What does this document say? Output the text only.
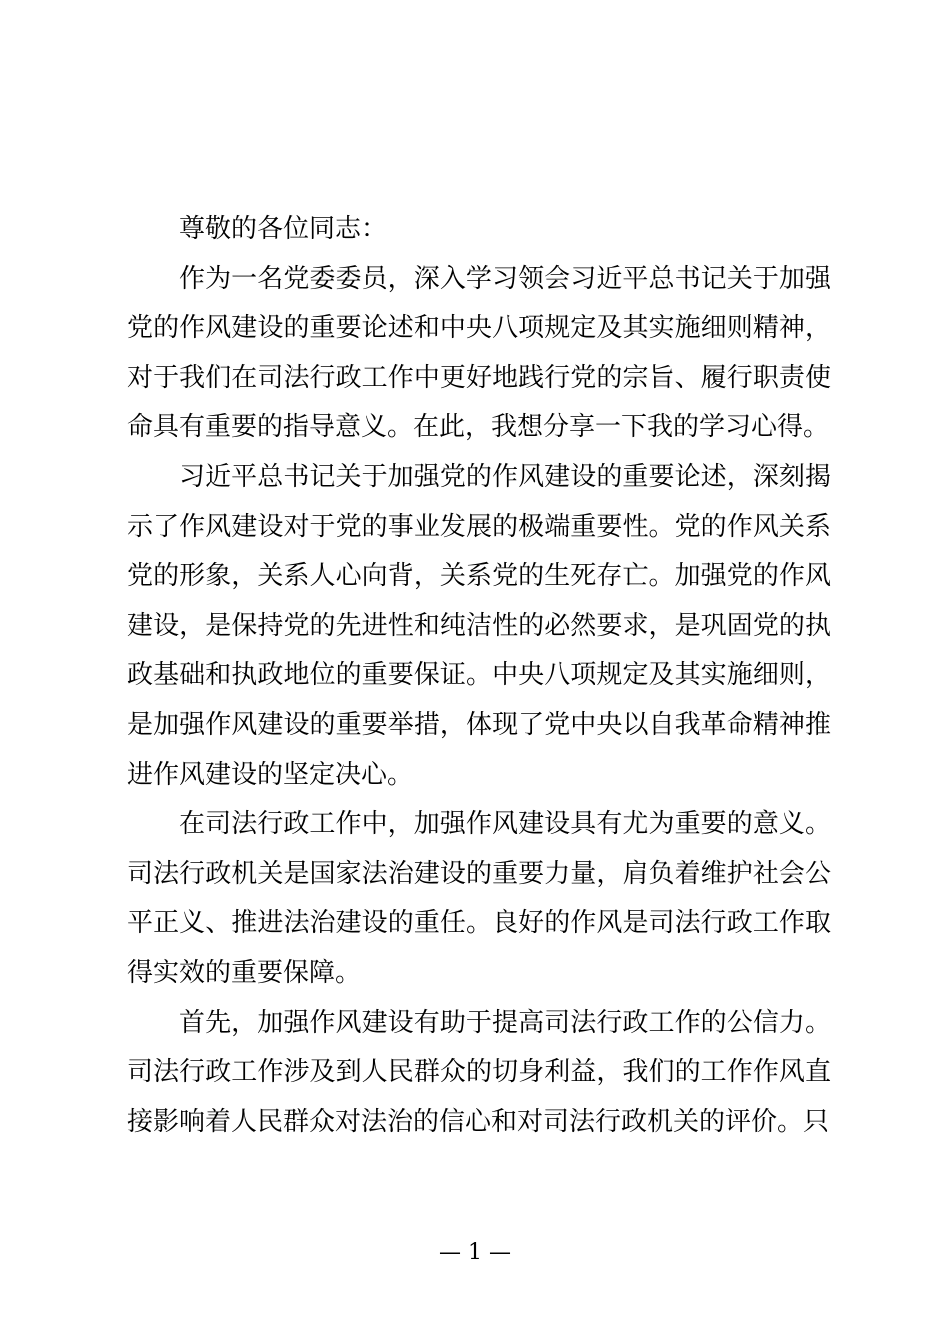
尊敬的各位同志：

作为一名党委委员，深入学习领会习近平总书记关于加强党的作风建设的重要论述和中央八项规定及其实施细则精神，对于我们在司法行政工作中更好地践行党的宗旨、履行职责使命具有重要的指导意义。在此，我想分享一下我的学习心得。

习近平总书记关于加强党的作风建设的重要论述，深刻揭示了作风建设对于党的事业发展的极端重要性。党的作风关系党的形象，关系人心向背，关系党的生死存亡。加强党的作风建设，是保持党的先进性和纯洁性的必然要求，是巩固党的执政基础和执政地位的重要保证。中央八项规定及其实施细则，是加强作风建设的重要举措，体现了党中央以自我革命精神推进作风建设的坚定决心。

在司法行政工作中，加强作风建设具有尤为重要的意义。司法行政机关是国家法治建设的重要力量，肩负着维护社会公平正义、推进法治建设的重任。良好的作风是司法行政工作取得实效的重要保障。

首先，加强作风建设有助于提高司法行政工作的公信力。司法行政工作涉及到人民群众的切身利益，我们的工作作风直接影响着人民群众对法治的信心和对司法行政机关的评价。只

— 1 —
